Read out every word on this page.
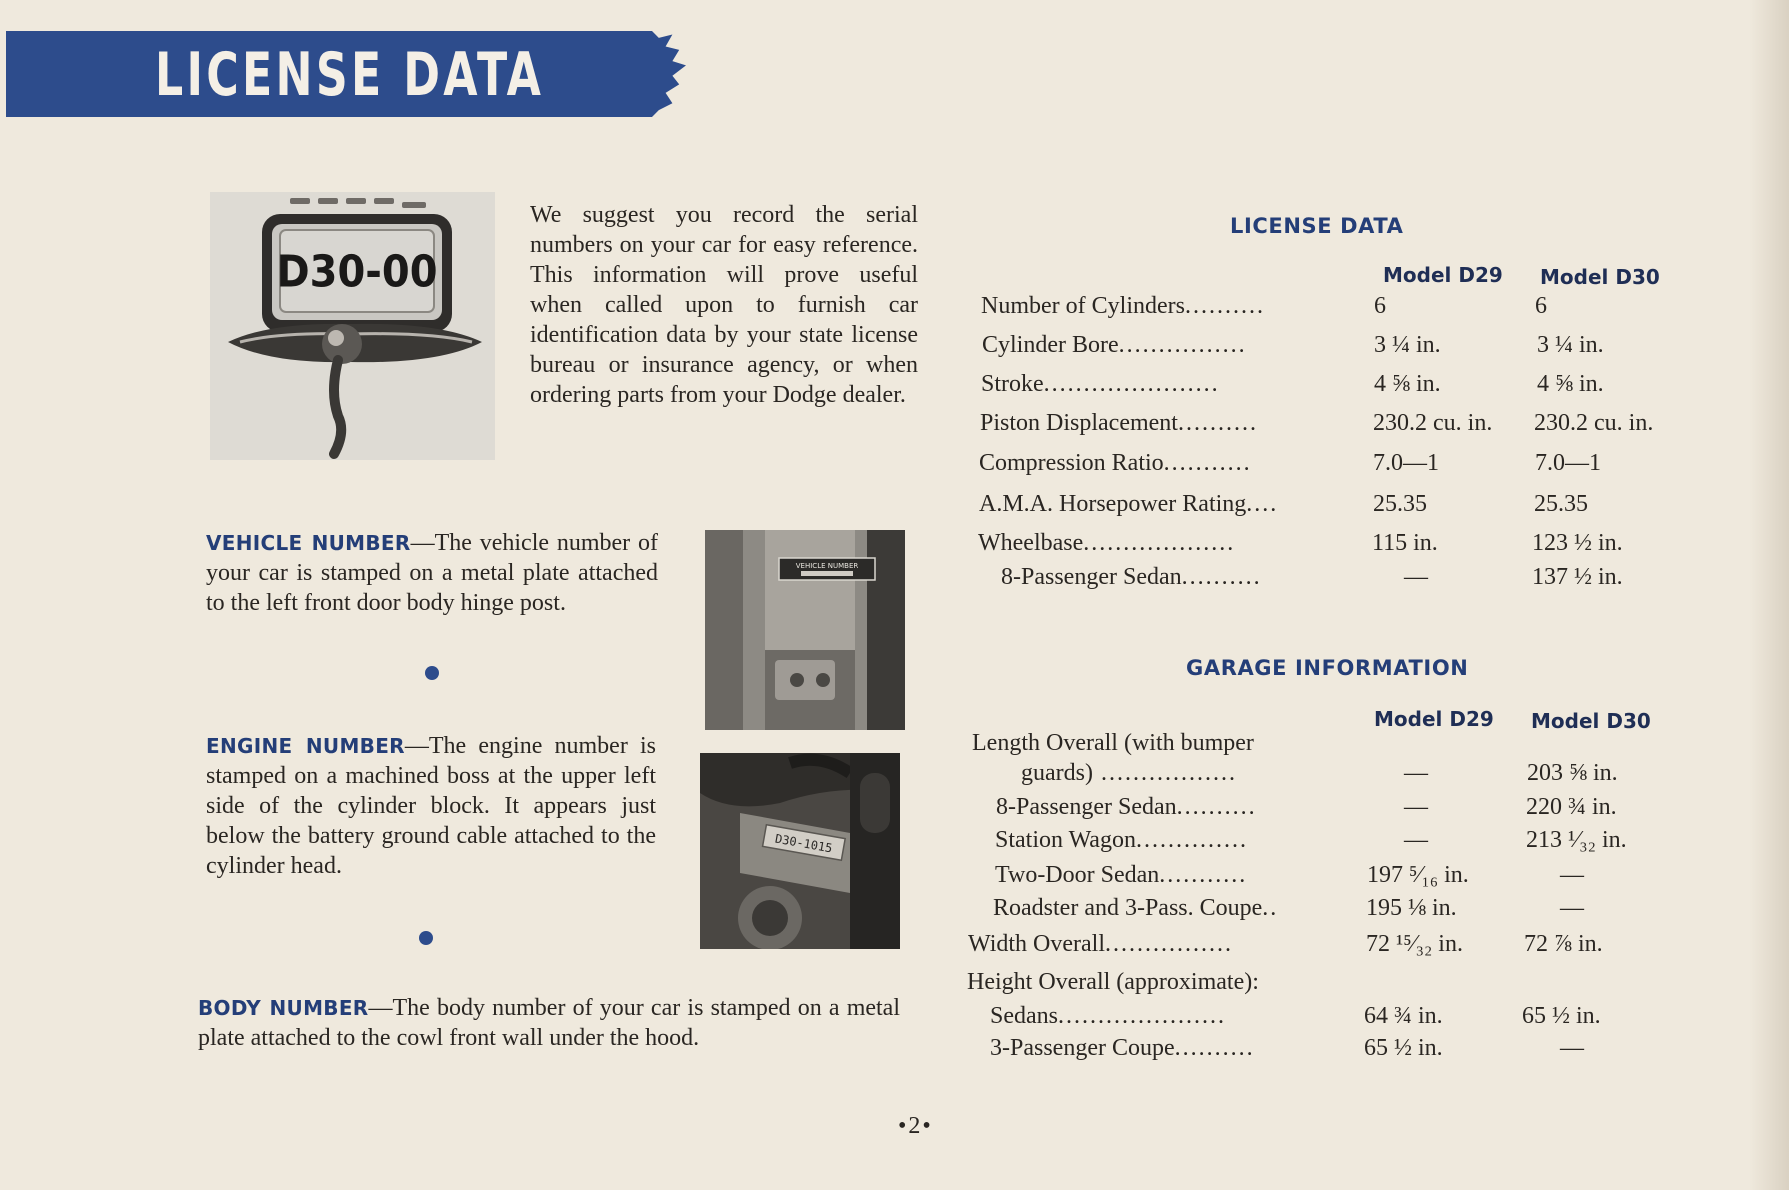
LICENSE DATA
D30-00
We suggest you record the serial numbers on your car for easy reference. This information will prove useful when called upon to furnish car identification data by your state license bureau or insurance agency, or when ordering parts from your Dodge dealer.
VEHICLE NUMBER—The vehicle number of your car is stamped on a metal plate attached to the left front door body hinge post.
VEHICLE NUMBER
ENGINE NUMBER—The engine number is stamped on a machined boss at the upper left side of the cylinder block. It appears just below the battery ground cable attached to the cylinder head.
D30-1015
BODY NUMBER—The body number of your car is stamped on a metal plate attached to the cowl front wall under the hood.
LICENSE DATA
Model D29 Model D30
Number of Cylinders..........	6	6
Cylinder Bore................	3 ¼ in.	3 ¼ in.
Stroke......................	4 ⅝ in.	4 ⅝ in.
Piston Displacement..........	230.2 cu. in. 230.2 cu. in.
Compression Ratio...........	7.0—1	7.0—1
A.M.A. Horsepower Rating....	25.35	25.35
Wheelbase...................	115 in.	123 ½ in.
8-Passenger Sedan..........	—	137 ½ in.
GARAGE INFORMATION
Model D29 Model D30
Length Overall (with bumper
guards) .................	—	203 ⅝ in.
8-Passenger Sedan..........	—	220 ¾ in.
Station Wagon..............	—	213 ¹⁄₃₂ in.
Two-Door Sedan...........	197 ⁵⁄₁₆ in.	—
Roadster and 3-Pass. Coupe..	195 ⅛ in.	—
Width Overall................	72 ¹⁵⁄₃₂ in.	72 ⅞ in.
Height Overall (approximate):
Sedans.....................	64 ¾ in.	65 ½ in.
3-Passenger Coupe..........	65 ½ in.	—
•2•
